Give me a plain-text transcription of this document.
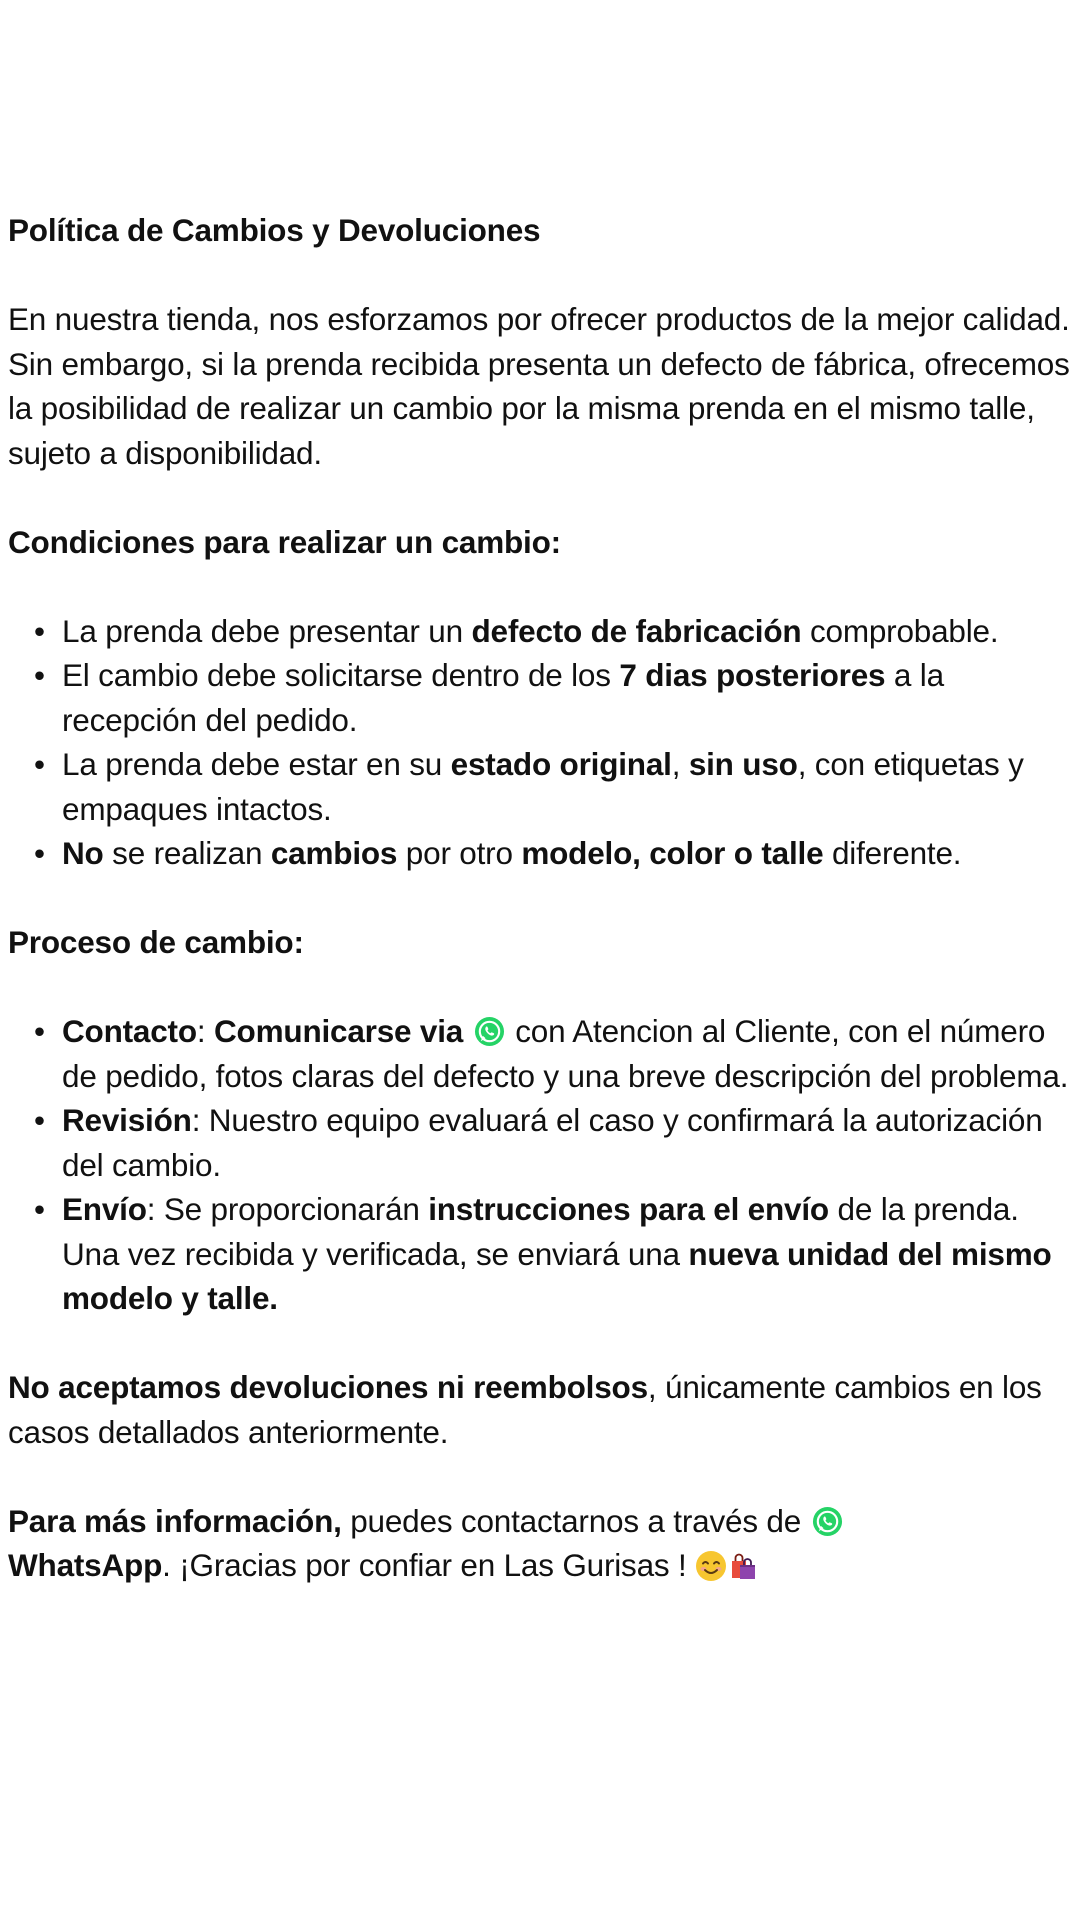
Política de Cambios y Devoluciones

En nuestra tienda, nos esforzamos por ofrecer productos de la mejor calidad. Sin embargo, si la prenda recibida presenta un defecto de fábrica, ofrecemos la posibilidad de realizar un cambio por la misma prenda en el mismo talle, sujeto a disponibilidad.

Condiciones para realizar un cambio:

• La prenda debe presentar un defecto de fabricación comprobable.
• El cambio debe solicitarse dentro de los 7 dias posteriores a la recepción del pedido.
• La prenda debe estar en su estado original, sin uso, con etiquetas y empaques intactos.
• No se realizan cambios por otro modelo, color o talle diferente.

Proceso de cambio:

• Contacto: Comunicarse via  con Atencion al Cliente, con el número de pedido, fotos claras del defecto y una breve descripción del problema.
• Revisión: Nuestro equipo evaluará el caso y confirmará la autorización del cambio.
• Envío: Se proporcionarán instrucciones para el envío de la prenda. Una vez recibida y verificada, se enviará una nueva unidad del mismo modelo y talle.

No aceptamos devoluciones ni reembolsos, únicamente cambios en los casos detallados anteriormente.

Para más información, puedes contactarnos a través de
WhatsApp. ¡Gracias por confiar en Las Gurisas !
